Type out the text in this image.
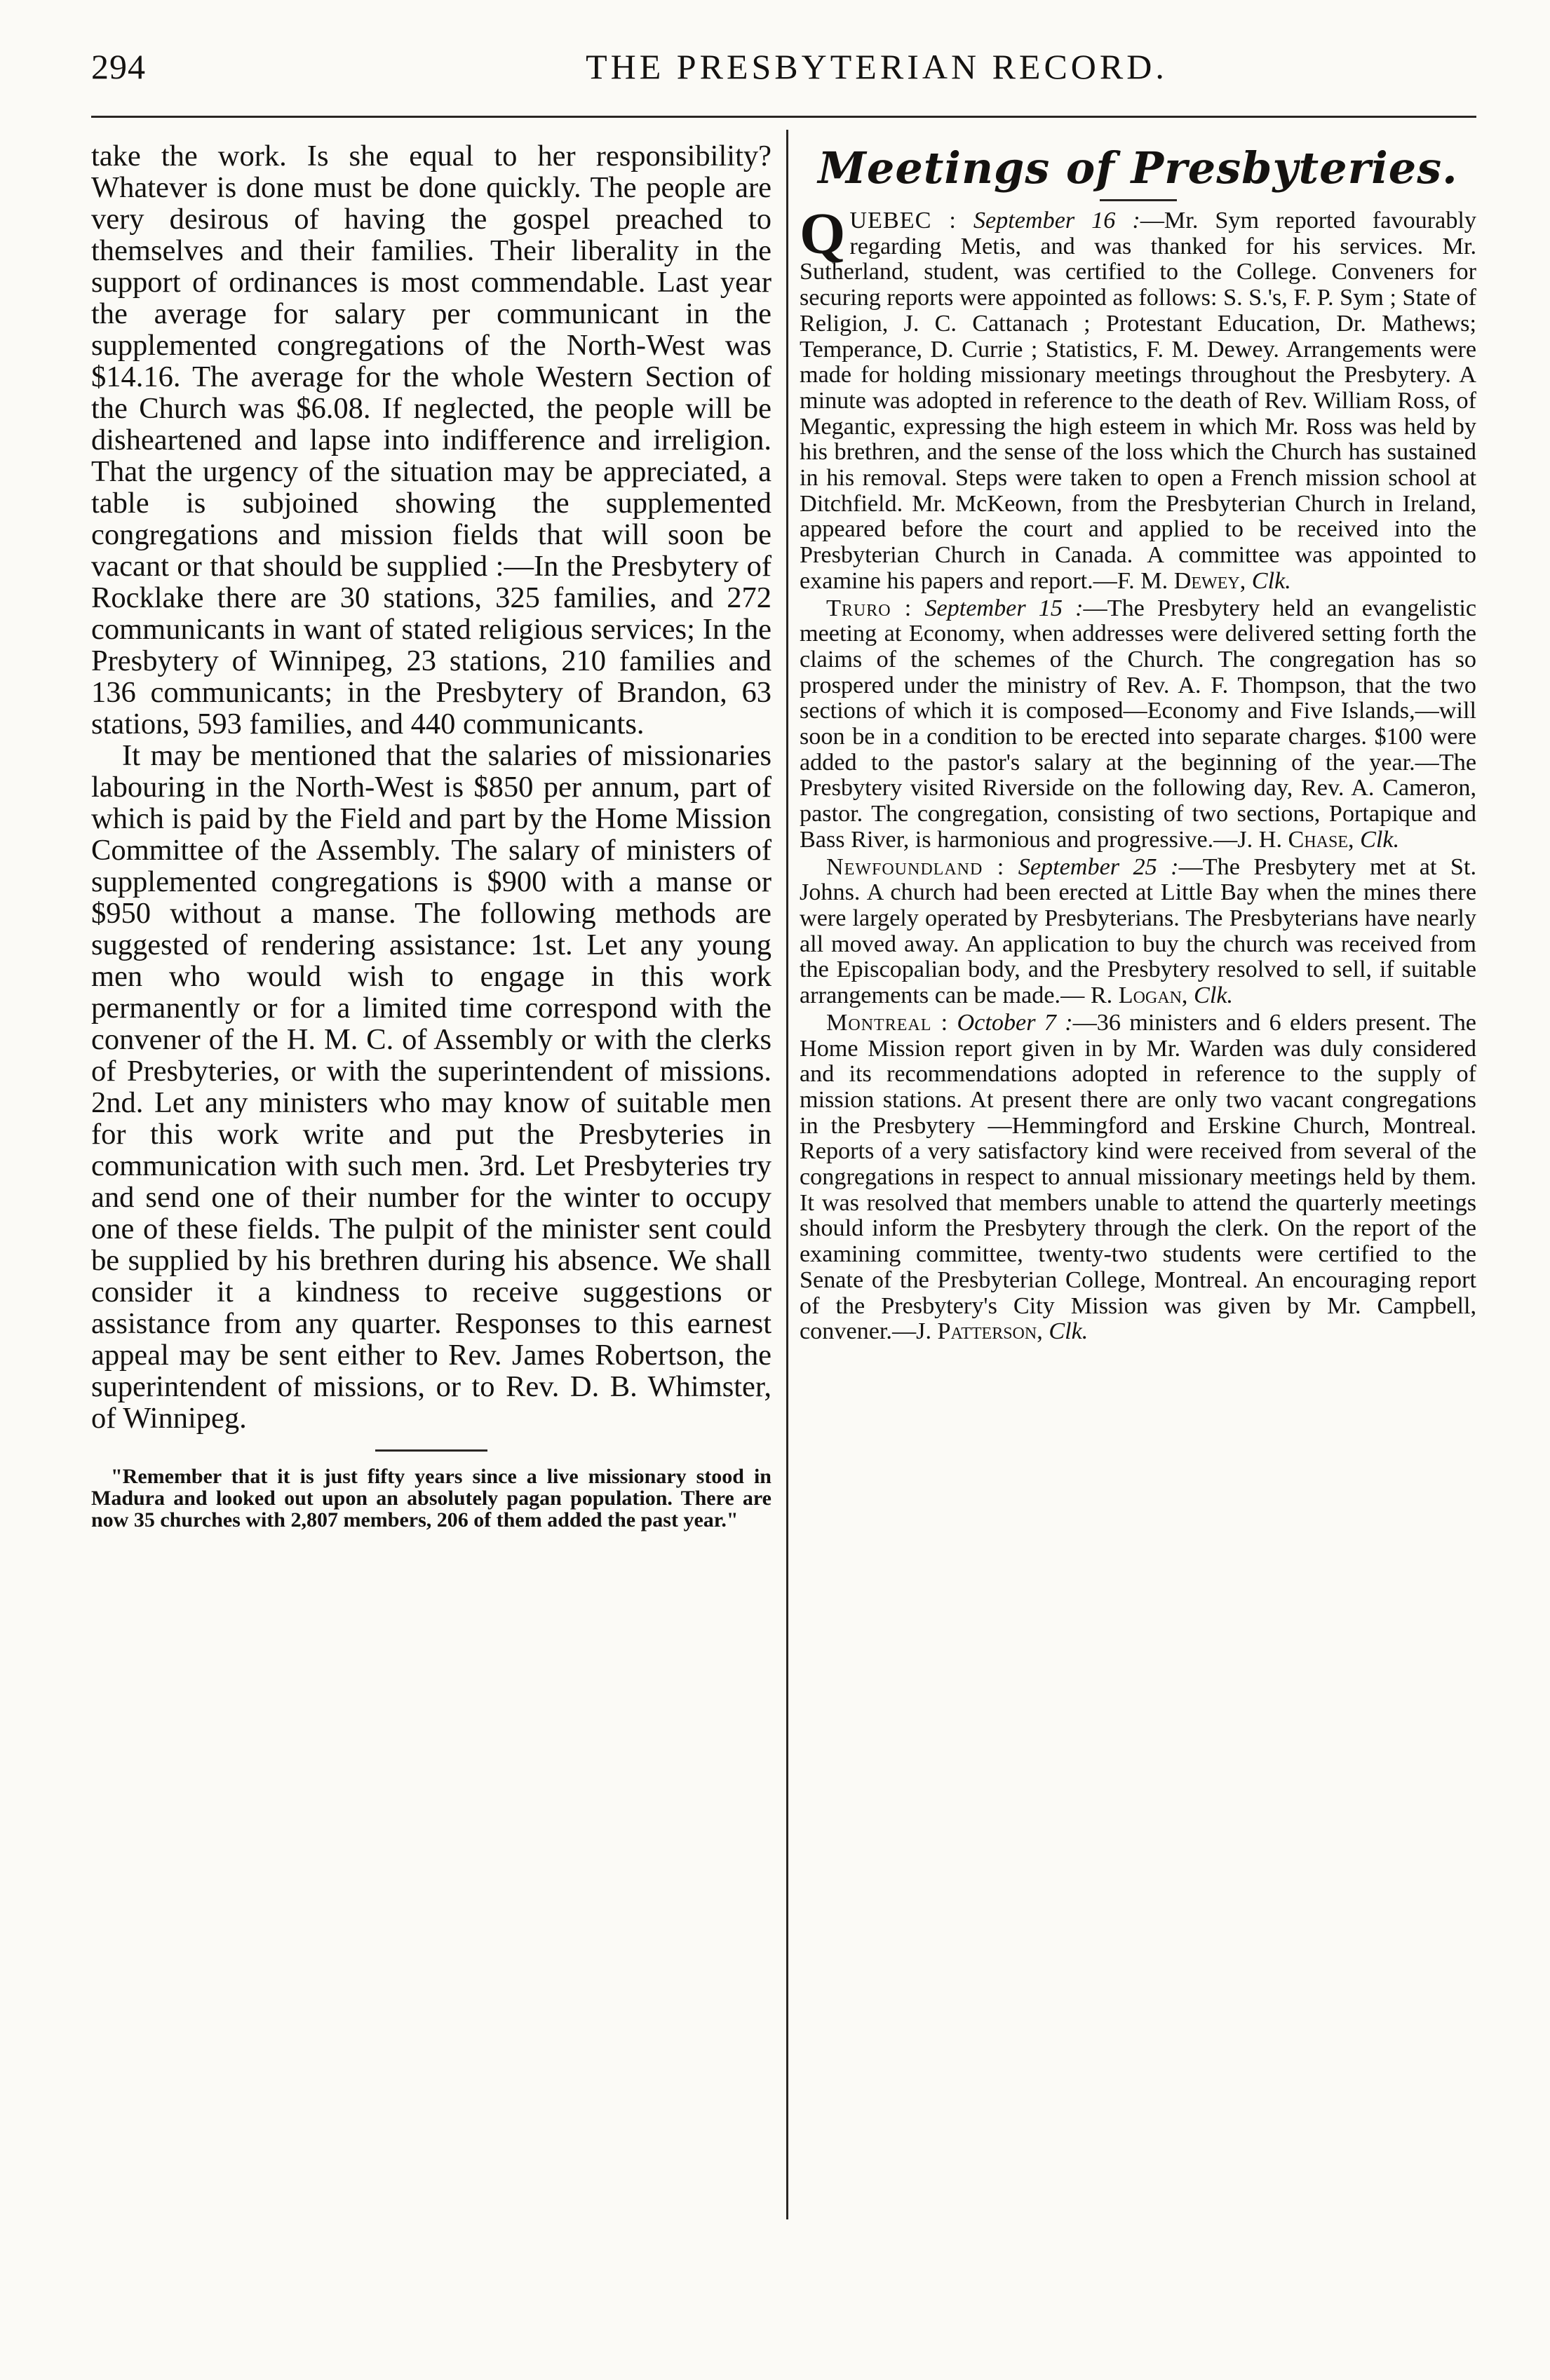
294	THE PRESBYTERIAN RECORD.

take the work. Is she equal to her responsibility? Whatever is done must be done quickly. The people are very desirous of having the gospel preached to themselves and their families. Their liberality in the support of ordinances is most commendable. Last year the average for salary per communicant in the supplemented congregations of the North-West was $14.16. The average for the whole Western Section of the Church was $6.08. If neglected, the people will be disheartened and lapse into indifference and irreligion. That the urgency of the situation may be appreciated, a table is subjoined showing the supplemented congregations and mission fields that will soon be vacant or that should be supplied :—In the Presbytery of Rocklake there are 30 stations, 325 families, and 272 communicants in want of stated religious services; In the Presbytery of Winnipeg, 23 stations, 210 families and 136 communicants; in the Presbytery of Brandon, 63 stations, 593 families, and 440 communicants.

It may be mentioned that the salaries of missionaries labouring in the North-West is $850 per annum, part of which is paid by the Field and part by the Home Mission Committee of the Assembly. The salary of ministers of supplemented congregations is $900 with a manse or $950 without a manse. The following methods are suggested of rendering assistance: 1st. Let any young men who would wish to engage in this work permanently or for a limited time correspond with the convener of the H. M. C. of Assembly or with the clerks of Presbyteries, or with the superintendent of missions. 2nd. Let any ministers who may know of suitable men for this work write and put the Presbyteries in communication with such men. 3rd. Let Presbyteries try and send one of their number for the winter to occupy one of these fields. The pulpit of the minister sent could be supplied by his brethren during his absence. We shall consider it a kindness to receive suggestions or assistance from any quarter. Responses to this earnest appeal may be sent either to Rev. James Robertson, the superintendent of missions, or to Rev. D. B. Whimster, of Winnipeg.

"Remember that it is just fifty years since a live missionary stood in Madura and looked out upon an absolutely pagan population. There are now 35 churches with 2,807 members, 206 of them added the past year."

Meetings of Presbyteries.

QUEBEC : September 16 :—Mr. Sym reported favourably regarding Metis, and was thanked for his services. Mr. Sutherland, student, was certified to the College. Conveners for securing reports were appointed as follows: S. S.'s, F. P. Sym ; State of Religion, J. C. Cattanach ; Protestant Education, Dr. Mathews; Temperance, D. Currie ; Statistics, F. M. Dewey. Arrangements were made for holding missionary meetings throughout the Presbytery. A minute was adopted in reference to the death of Rev. William Ross, of Megantic, expressing the high esteem in which Mr. Ross was held by his brethren, and the sense of the loss which the Church has sustained in his removal. Steps were taken to open a French mission school at Ditchfield. Mr. McKeown, from the Presbyterian Church in Ireland, appeared before the court and applied to be received into the Presbyterian Church in Canada. A committee was appointed to examine his papers and report.—F. M. Dewey, Clk.

Truro : September 15 :—The Presbytery held an evangelistic meeting at Economy, when addresses were delivered setting forth the claims of the schemes of the Church. The congregation has so prospered under the ministry of Rev. A. F. Thompson, that the two sections of which it is composed—Economy and Five Islands,—will soon be in a condition to be erected into separate charges. $100 were added to the pastor's salary at the beginning of the year.—The Presbytery visited Riverside on the following day, Rev. A. Cameron, pastor. The congregation, consisting of two sections, Portapique and Bass River, is harmonious and progressive.—J. H. Chase, Clk.

Newfoundland : September 25 :—The Presbytery met at St. Johns. A church had been erected at Little Bay when the mines there were largely operated by Presbyterians. The Presbyterians have nearly all moved away. An application to buy the church was received from the Episcopalian body, and the Presbytery resolved to sell, if suitable arrangements can be made.— R. Logan, Clk.

Montreal : October 7 :—36 ministers and 6 elders present. The Home Mission report given in by Mr. Warden was duly considered and its recommendations adopted in reference to the supply of mission stations. At present there are only two vacant congregations in the Presbytery —Hemmingford and Erskine Church, Montreal. Reports of a very satisfactory kind were received from several of the congregations in respect to annual missionary meetings held by them. It was resolved that members unable to attend the quarterly meetings should inform the Presbytery through the clerk. On the report of the examining committee, twenty-two students were certified to the Senate of the Presbyterian College, Montreal. An encouraging report of the Presbytery's City Mission was given by Mr. Campbell, convener.—J. Patterson, Clk.
